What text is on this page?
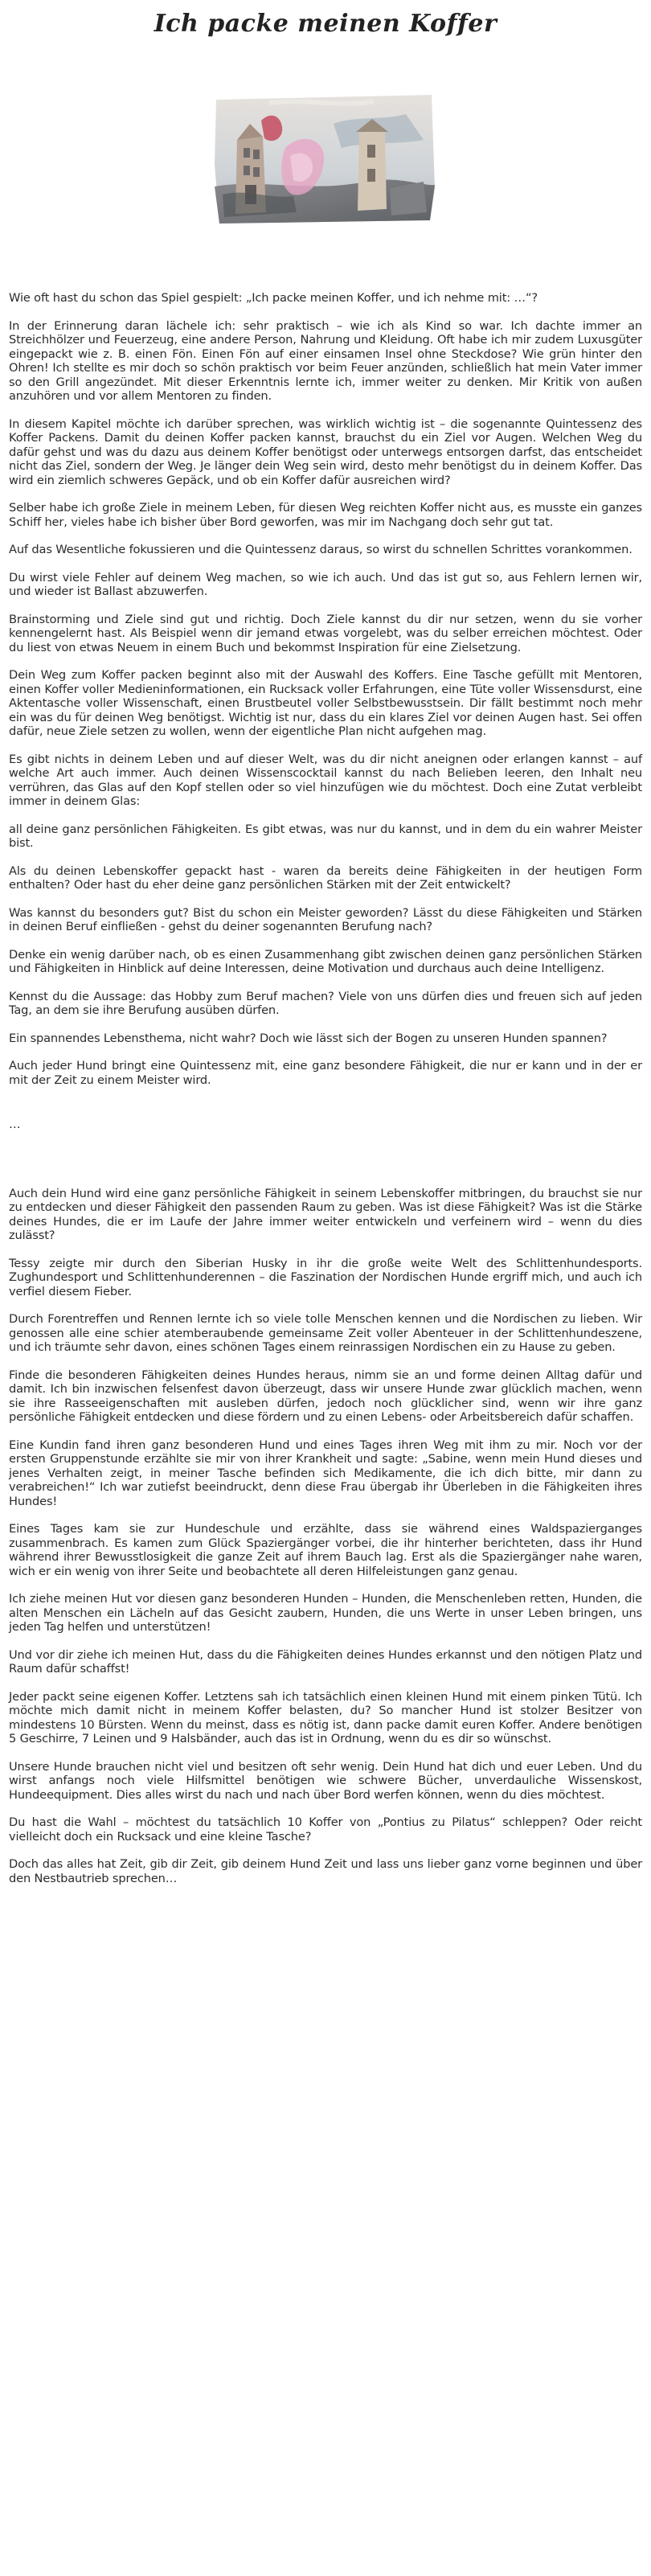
Ich packe meinen Koffer

Wie oft hast du schon das Spiel gespielt: „Ich packe meinen Koffer, und ich nehme mit: …“?

In der Erinnerung daran lächele ich: sehr praktisch – wie ich als Kind so war. Ich dachte immer an Streichhölzer und Feuerzeug, eine andere Person, Nahrung und Kleidung. Oft habe ich mir zudem Luxusgüter eingepackt wie z. B. einen Fön. Einen Fön auf einer einsamen Insel ohne Steckdose? Wie grün hinter den Ohren! Ich stellte es mir doch so schön praktisch vor beim Feuer anzünden, schließlich hat mein Vater immer so den Grill angezündet. Mit dieser Erkenntnis lernte ich, immer weiter zu denken. Mir Kritik von außen anzuhören und vor allem Mentoren zu finden.

In diesem Kapitel möchte ich darüber sprechen, was wirklich wichtig ist – die sogenannte Quintessenz des Koffer Packens. Damit du deinen Koffer packen kannst, brauchst du ein Ziel vor Augen. Welchen Weg du dafür gehst und was du dazu aus deinem Koffer benötigst oder unterwegs entsorgen darfst, das entscheidet nicht das Ziel, sondern der Weg. Je länger dein Weg sein wird, desto mehr benötigst du in deinem Koffer. Das wird ein ziemlich schweres Gepäck, und ob ein Koffer dafür ausreichen wird?

Selber habe ich große Ziele in meinem Leben, für diesen Weg reichten Koffer nicht aus, es musste ein ganzes Schiff her, vieles habe ich bisher über Bord geworfen, was mir im Nachgang doch sehr gut tat.

Auf das Wesentliche fokussieren und die Quintessenz daraus, so wirst du schnellen Schrittes vorankommen.

Du wirst viele Fehler auf deinem Weg machen, so wie ich auch. Und das ist gut so, aus Fehlern lernen wir, und wieder ist Ballast abzuwerfen.

Brainstorming und Ziele sind gut und richtig. Doch Ziele kannst du dir nur setzen, wenn du sie vorher kennengelernt hast. Als Beispiel wenn dir jemand etwas vorgelebt, was du selber erreichen möchtest. Oder du liest von etwas Neuem in einem Buch und bekommst Inspiration für eine Zielsetzung.

Dein Weg zum Koffer packen beginnt also mit der Auswahl des Koffers. Eine Tasche gefüllt mit Mentoren, einen Koffer voller Medieninformationen, ein Rucksack voller Erfahrungen, eine Tüte voller Wissensdurst, eine Aktentasche voller Wissenschaft, einen Brustbeutel voller Selbstbewusstsein. Dir fällt bestimmt noch mehr ein was du für deinen Weg benötigst. Wichtig ist nur, dass du ein klares Ziel vor deinen Augen hast. Sei offen dafür, neue Ziele setzen zu wollen, wenn der eigentliche Plan nicht aufgehen mag.

Es gibt nichts in deinem Leben und auf dieser Welt, was du dir nicht aneignen oder erlangen kannst – auf welche Art auch immer. Auch deinen Wissenscocktail kannst du nach Belieben leeren, den Inhalt neu verrühren, das Glas auf den Kopf stellen oder so viel hinzufügen wie du möchtest. Doch eine Zutat verbleibt immer in deinem Glas:

all deine ganz persönlichen Fähigkeiten. Es gibt etwas, was nur du kannst, und in dem du ein wahrer Meister bist.

Als du deinen Lebenskoffer gepackt hast - waren da bereits deine Fähigkeiten in der heutigen Form enthalten? Oder hast du eher deine ganz persönlichen Stärken mit der Zeit entwickelt?

Was kannst du besonders gut? Bist du schon ein Meister geworden? Lässt du diese Fähigkeiten und Stärken in deinen Beruf einfließen - gehst du deiner sogenannten Berufung nach?

Denke ein wenig darüber nach, ob es einen Zusammenhang gibt zwischen deinen ganz persönlichen Stärken und Fähigkeiten in Hinblick auf deine Interessen, deine Motivation und durchaus auch deine Intelligenz.

Kennst du die Aussage: das Hobby zum Beruf machen? Viele von uns dürfen dies und freuen sich auf jeden Tag, an dem sie ihre Berufung ausüben dürfen.

Ein spannendes Lebensthema, nicht wahr? Doch wie lässt sich der Bogen zu unseren Hunden spannen?

Auch jeder Hund bringt eine Quintessenz mit, eine ganz besondere Fähigkeit, die nur er kann und in der er mit der Zeit zu einem Meister wird.

…

Auch dein Hund wird eine ganz persönliche Fähigkeit in seinem Lebenskoffer mitbringen, du brauchst sie nur zu entdecken und dieser Fähigkeit den passenden Raum zu geben. Was ist diese Fähigkeit? Was ist die Stärke deines Hundes, die er im Laufe der Jahre immer weiter entwickeln und verfeinern wird – wenn du dies zulässt?

Tessy zeigte mir durch den Siberian Husky in ihr die große weite Welt des Schlittenhundesports. Zughundesport und Schlittenhunderennen – die Faszination der Nordischen Hunde ergriff mich, und auch ich verfiel diesem Fieber.

Durch Forentreffen und Rennen lernte ich so viele tolle Menschen kennen und die Nordischen zu lieben. Wir genossen alle eine schier atemberaubende gemeinsame Zeit voller Abenteuer in der Schlittenhundeszene, und ich träumte sehr davon, eines schönen Tages einem reinrassigen Nordischen ein zu Hause zu geben.

Finde die besonderen Fähigkeiten deines Hundes heraus, nimm sie an und forme deinen Alltag dafür und damit. Ich bin inzwischen felsenfest davon überzeugt, dass wir unsere Hunde zwar glücklich machen, wenn sie ihre Rasseeigenschaften mit ausleben dürfen, jedoch noch glücklicher sind, wenn wir ihre ganz persönliche Fähigkeit entdecken und diese fördern und zu einen Lebens- oder Arbeitsbereich dafür schaffen.

Eine Kundin fand ihren ganz besonderen Hund und eines Tages ihren Weg mit ihm zu mir. Noch vor der ersten Gruppenstunde erzählte sie mir von ihrer Krankheit und sagte: „Sabine, wenn mein Hund dieses und jenes Verhalten zeigt, in meiner Tasche befinden sich Medikamente, die ich dich bitte, mir dann zu verabreichen!“ Ich war zutiefst beeindruckt, denn diese Frau übergab ihr Überleben in die Fähigkeiten ihres Hundes!

Eines Tages kam sie zur Hundeschule und erzählte, dass sie während eines Waldspazierganges zusammenbrach. Es kamen zum Glück Spaziergänger vorbei, die ihr hinterher berichteten, dass ihr Hund während ihrer Bewusstlosigkeit die ganze Zeit auf ihrem Bauch lag. Erst als die Spaziergänger nahe waren, wich er ein wenig von ihrer Seite und beobachtete all deren Hilfeleistungen ganz genau.

Ich ziehe meinen Hut vor diesen ganz besonderen Hunden – Hunden, die Menschenleben retten, Hunden, die alten Menschen ein Lächeln auf das Gesicht zaubern, Hunden, die uns Werte in unser Leben bringen, uns jeden Tag helfen und unterstützen!

Und vor dir ziehe ich meinen Hut, dass du die Fähigkeiten deines Hundes erkannst und den nötigen Platz und Raum dafür schaffst!

Jeder packt seine eigenen Koffer. Letztens sah ich tatsächlich einen kleinen Hund mit einem pinken Tütü. Ich möchte mich damit nicht in meinem Koffer belasten, du? So mancher Hund ist stolzer Besitzer von mindestens 10 Bürsten. Wenn du meinst, dass es nötig ist, dann packe damit euren Koffer. Andere benötigen 5 Geschirre, 7 Leinen und 9 Halsbänder, auch das ist in Ordnung, wenn du es dir so wünschst.

Unsere Hunde brauchen nicht viel und besitzen oft sehr wenig. Dein Hund hat dich und euer Leben. Und du wirst anfangs noch viele Hilfsmittel benötigen wie schwere Bücher, unverdauliche Wissenskost, Hundeequipment. Dies alles wirst du nach und nach über Bord werfen können, wenn du dies möchtest.

Du hast die Wahl – möchtest du tatsächlich 10 Koffer von „Pontius zu Pilatus“ schleppen? Oder reicht vielleicht doch ein Rucksack und eine kleine Tasche?

Doch das alles hat Zeit, gib dir Zeit, gib deinem Hund Zeit und lass uns lieber ganz vorne beginnen und über den Nestbautrieb sprechen…
